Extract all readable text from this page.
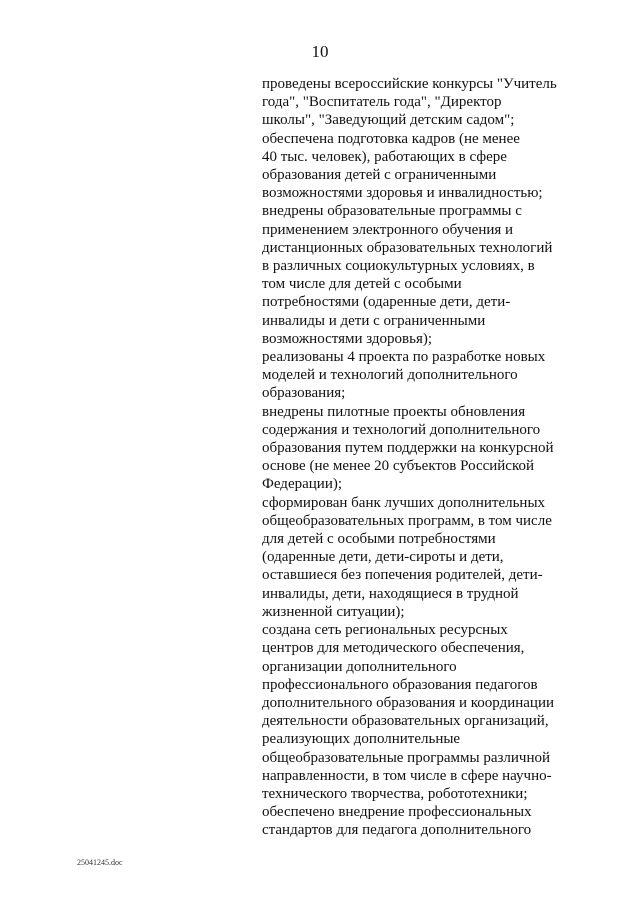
10
проведены всероссийские конкурсы "Учитель
года", "Воспитатель года", "Директор
школы", "Заведующий детским садом";
обеспечена подготовка кадров (не менее
40 тыс. человек), работающих в сфере
образования детей с ограниченными
возможностями здоровья и инвалидностью;
внедрены образовательные программы с
применением электронного обучения и
дистанционных образовательных технологий
в различных социокультурных условиях, в
том числе для детей с особыми
потребностями (одаренные дети, дети-
инвалиды и дети с ограниченными
возможностями здоровья);
реализованы 4 проекта по разработке новых
моделей и технологий дополнительного
образования;
внедрены пилотные проекты обновления
содержания и технологий дополнительного
образования путем поддержки на конкурсной
основе (не менее 20 субъектов Российской
Федерации);
сформирован банк лучших дополнительных
общеобразовательных программ, в том числе
для детей с особыми потребностями
(одаренные дети, дети-сироты и дети,
оставшиеся без попечения родителей, дети-
инвалиды, дети, находящиеся в трудной
жизненной ситуации);
создана сеть региональных ресурсных
центров для методического обеспечения,
организации дополнительного
профессионального образования педагогов
дополнительного образования и координации
деятельности образовательных организаций,
реализующих дополнительные
общеобразовательные программы различной
направленности, в том числе в сфере научно-
технического творчества, робототехники;
обеспечено внедрение профессиональных
стандартов для педагога дополнительного
25041245.doc
